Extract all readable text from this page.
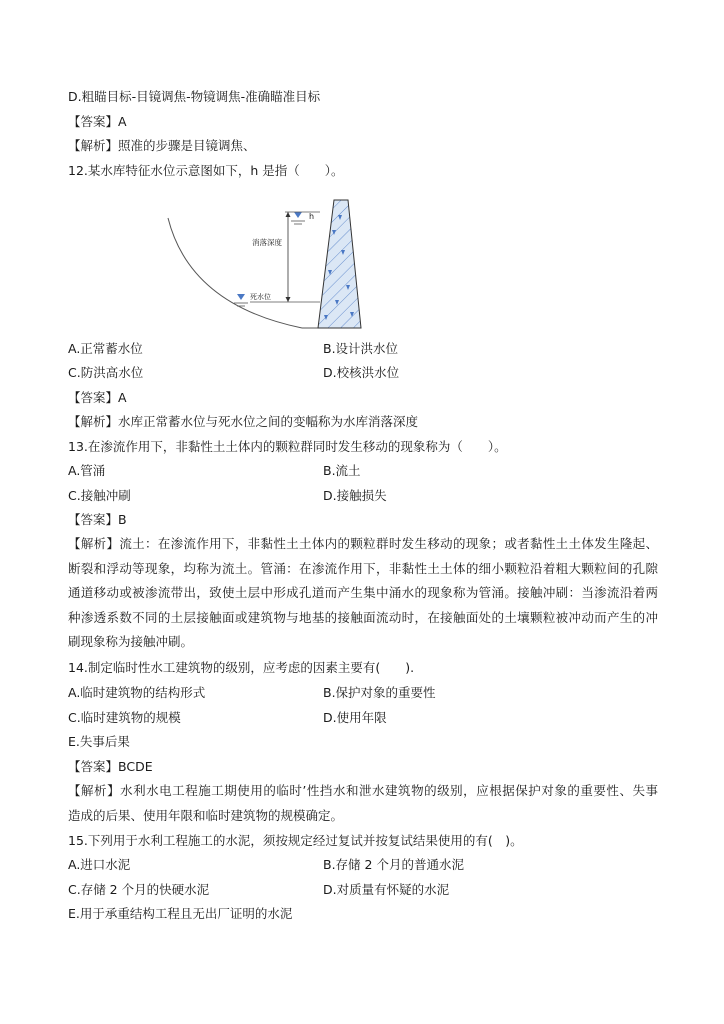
D.粗瞄目标-目镜调焦-物镜调焦-准确瞄准目标
【答案】A
【解析】照准的步骤是目镜调焦、
12.某水库特征水位示意图如下，h 是指（　　）。
h
消落深度
死水位
A.正常蓄水位	B.设计洪水位
C.防洪高水位	D.校核洪水位
【答案】A
【解析】水库正常蓄水位与死水位之间的变幅称为水库消落深度
13.在渗流作用下，非黏性土土体内的颗粒群同时发生移动的现象称为（　　）。
A.管涌	B.流土
C.接触冲刷	D.接触损失
【答案】B
【解析】流土：在渗流作用下，非黏性土土体内的颗粒群时发生移动的现象；或者黏性土土体发生隆起、
断裂和浮动等现象，均称为流土。管涌：在渗流作用下，非黏性土土体的细小颗粒沿着粗大颗粒间的孔隙
通道移动或被渗流带出，致使土层中形成孔道而产生集中涌水的现象称为管涌。接触冲刷：当渗流沿着两
种渗透系数不同的土层接触面或建筑物与地基的接触面流动时，在接触面处的土壤颗粒被冲动而产生的冲
刷现象称为接触冲刷。
14.制定临时性水工建筑物的级别，应考虑的因素主要有(　　).
A.临时建筑物的结构形式	B.保护对象的重要性
C.临时建筑物的规模	D.使用年限
E.失事后果
【答案】BCDE
【解析】水利水电工程施工期使用的临时’性挡水和泄水建筑物的级别，应根据保护对象的重要性、失事
造成的后果、使用年限和临时建筑物的规模确定。
15.下列用于水利工程施工的水泥，须按规定经过复试并按复试结果使用的有(　)。
A.进口水泥	B.存储 2 个月的普通水泥
C.存储 2 个月的快硬水泥	D.对质量有怀疑的水泥
E.用于承重结构工程且无出厂证明的水泥
